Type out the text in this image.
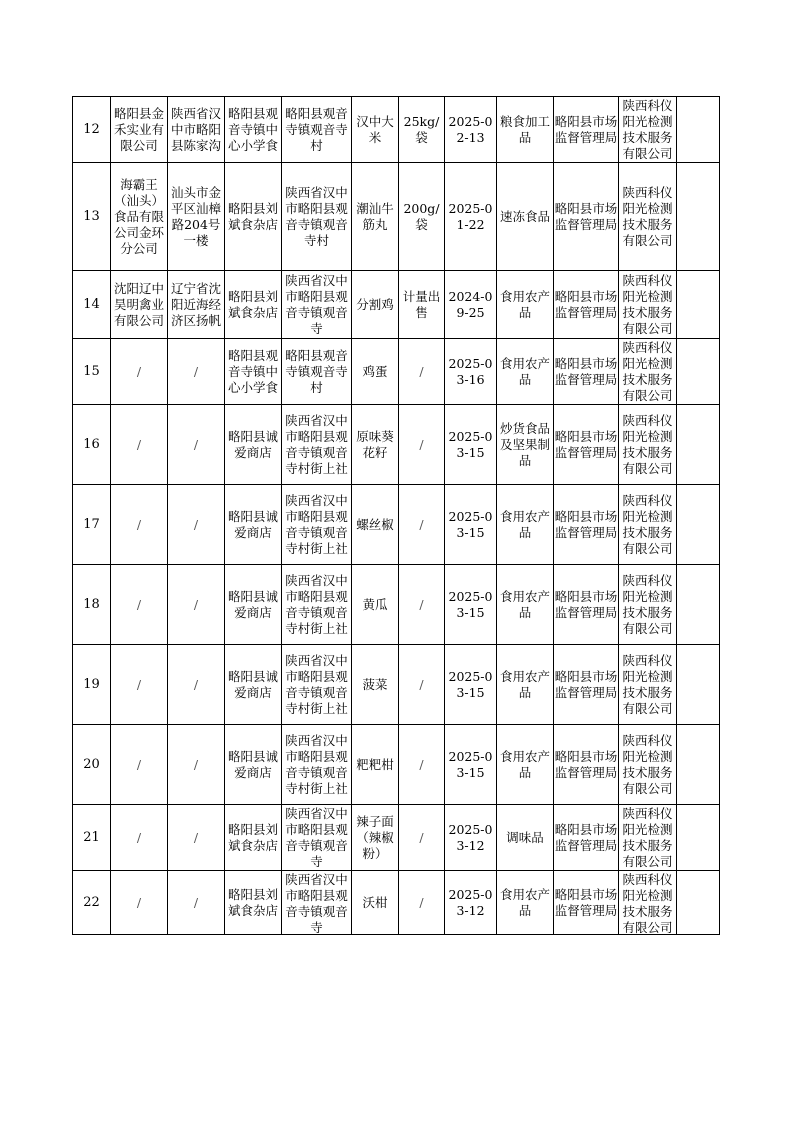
12	略阳县金禾实业有限公司	陕西省汉中市略阳县陈家沟	略阳县观音寺镇中心小学食	略阳县观音寺镇观音寺村	汉中大米	25kg/袋	2025-02-13	粮食加工品	略阳县市场监督管理局	陕西科仪阳光检测技术服务有限公司	

13	海霸王（汕头）食品有限公司金环分公司	汕头市金平区汕樟路204号一楼	略阳县刘斌食杂店	陕西省汉中市略阳县观音寺镇观音寺村	潮汕牛筋丸	200g/袋	2025-01-22	速冻食品	略阳县市场监督管理局	陕西科仪阳光检测技术服务有限公司	

14	沈阳辽中昊明禽业有限公司	辽宁省沈阳近海经济区扬帆	略阳县刘斌食杂店	陕西省汉中市略阳县观音寺镇观音寺	分割鸡	计量出售	2024-09-25	食用农产品	略阳县市场监督管理局	陕西科仪阳光检测技术服务有限公司	

15	/	/	略阳县观音寺镇中心小学食	略阳县观音寺镇观音寺村	鸡蛋	/	2025-03-16	食用农产品	略阳县市场监督管理局	陕西科仪阳光检测技术服务有限公司	

16	/	/	略阳县诚爱商店	陕西省汉中市略阳县观音寺镇观音寺村街上社	原味葵花籽	/	2025-03-15	炒货食品及坚果制品	略阳县市场监督管理局	陕西科仪阳光检测技术服务有限公司	

17	/	/	略阳县诚爱商店	陕西省汉中市略阳县观音寺镇观音寺村街上社	螺丝椒	/	2025-03-15	食用农产品	略阳县市场监督管理局	陕西科仪阳光检测技术服务有限公司	

18	/	/	略阳县诚爱商店	陕西省汉中市略阳县观音寺镇观音寺村街上社	黄瓜	/	2025-03-15	食用农产品	略阳县市场监督管理局	陕西科仪阳光检测技术服务有限公司	

19	/	/	略阳县诚爱商店	陕西省汉中市略阳县观音寺镇观音寺村街上社	菠菜	/	2025-03-15	食用农产品	略阳县市场监督管理局	陕西科仪阳光检测技术服务有限公司	

20	/	/	略阳县诚爱商店	陕西省汉中市略阳县观音寺镇观音寺村街上社	粑粑柑	/	2025-03-15	食用农产品	略阳县市场监督管理局	陕西科仪阳光检测技术服务有限公司	

21	/	/	略阳县刘斌食杂店	陕西省汉中市略阳县观音寺镇观音寺	辣子面（辣椒粉）	/	2025-03-12	调味品	略阳县市场监督管理局	陕西科仪阳光检测技术服务有限公司	

22	/	/	略阳县刘斌食杂店	陕西省汉中市略阳县观音寺镇观音寺	沃柑	/	2025-03-12	食用农产品	略阳县市场监督管理局	陕西科仪阳光检测技术服务有限公司	
